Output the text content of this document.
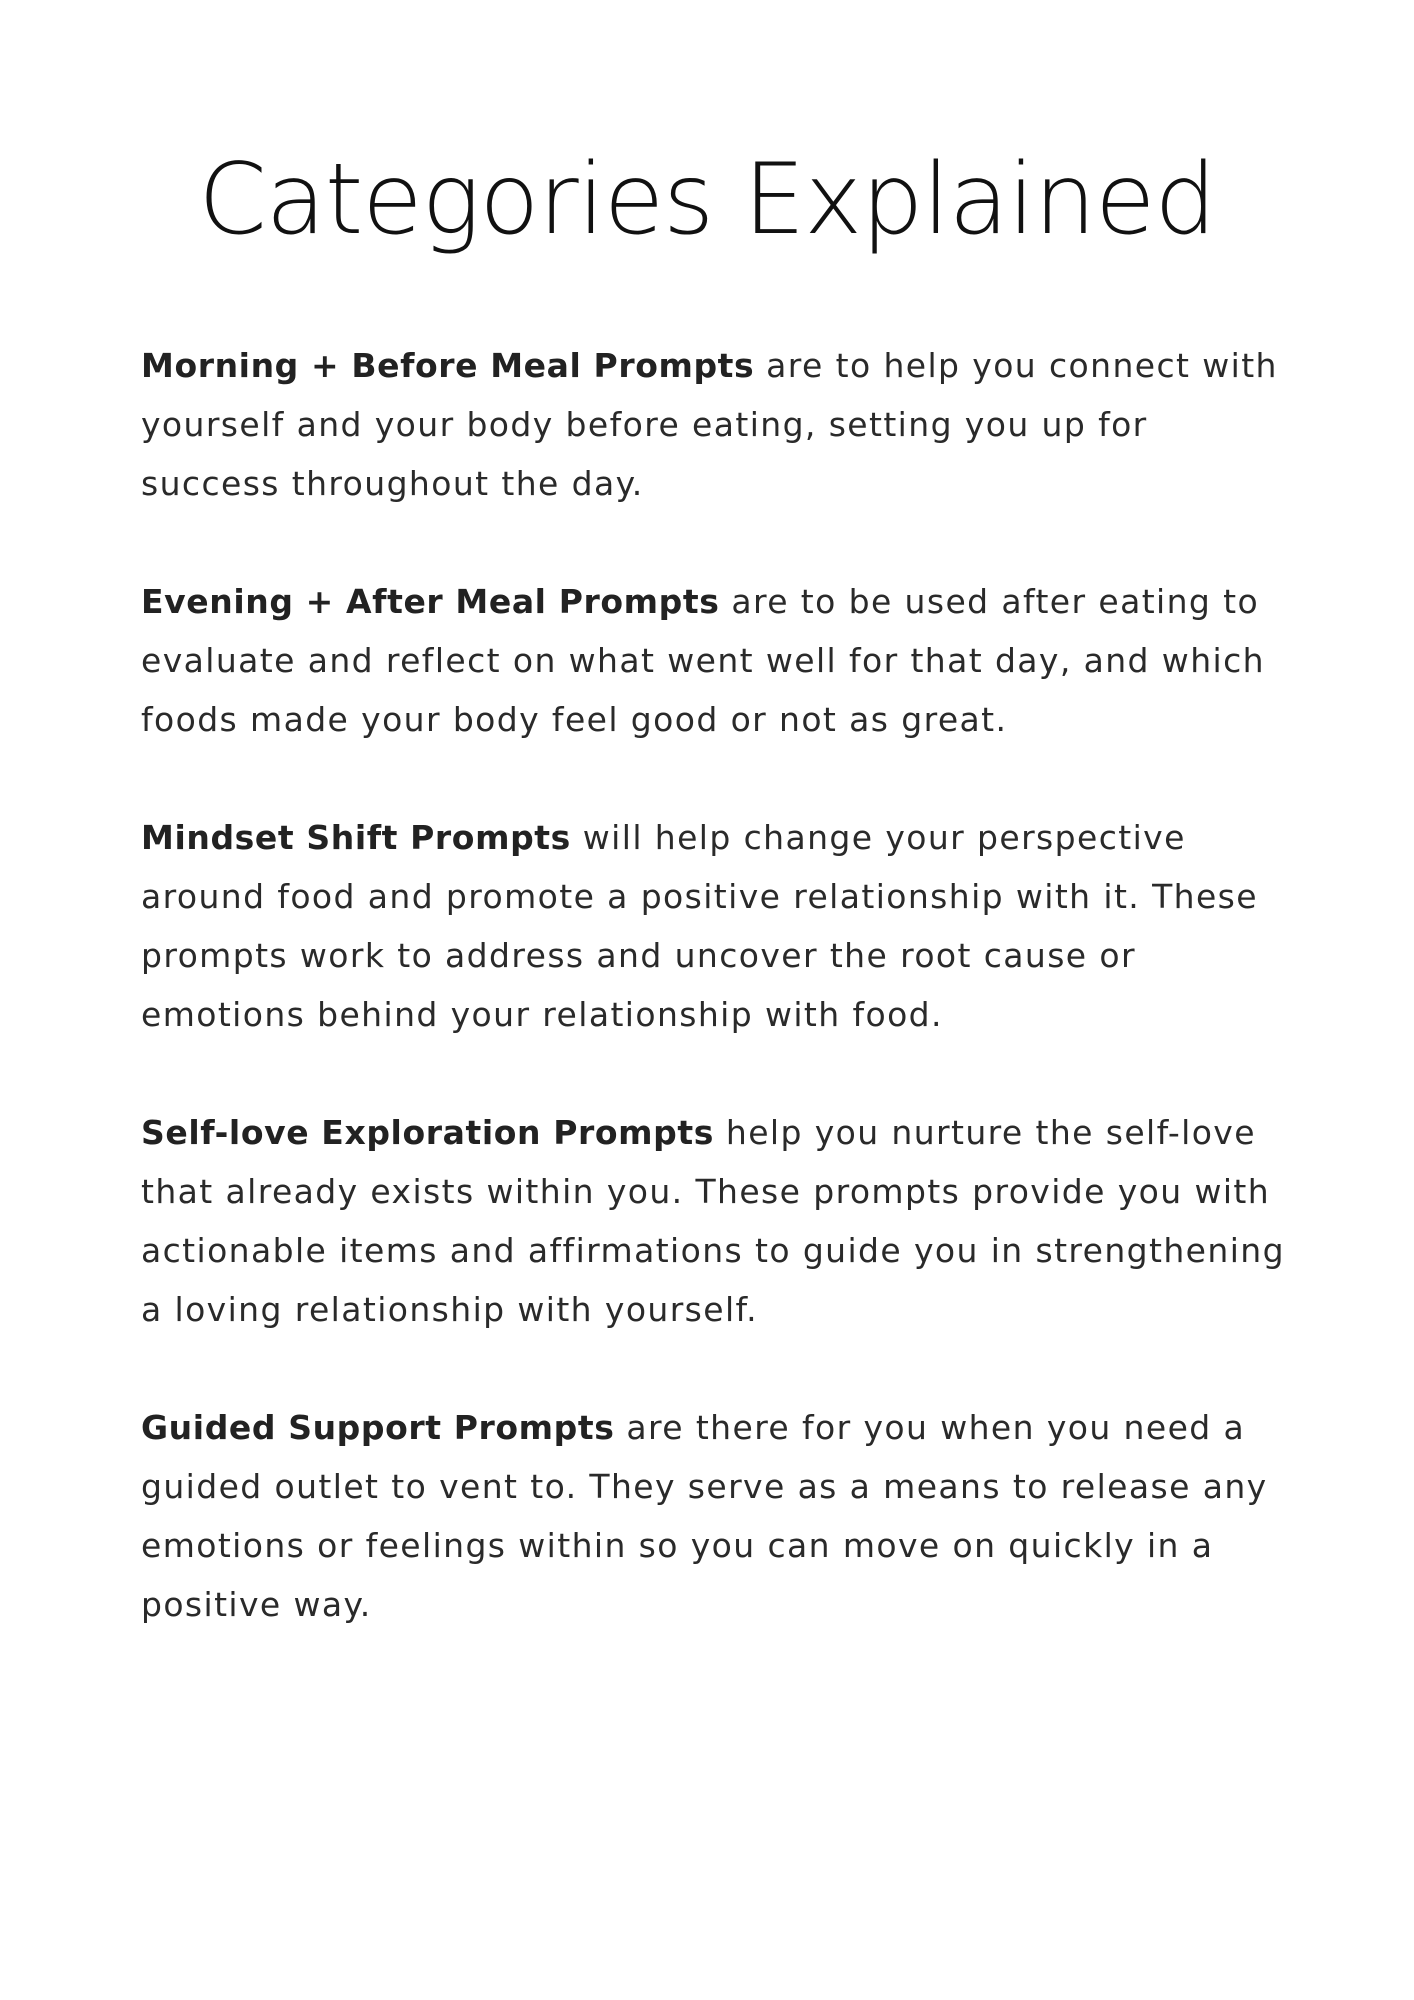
Categories Explained

Morning + Before Meal Prompts are to help you connect with yourself and your body before eating, setting you up for success throughout the day.

Evening + After Meal Prompts are to be used after eating to evaluate and reflect on what went well for that day, and which foods made your body feel good or not as great.

Mindset Shift Prompts will help change your perspective around food and promote a positive relationship with it. These prompts work to address and uncover the root cause or emotions behind your relationship with food.

Self-love Exploration Prompts help you nurture the self-love that already exists within you. These prompts provide you with actionable items and affirmations to guide you in strengthening a loving relationship with yourself.

Guided Support Prompts are there for you when you need a guided outlet to vent to. They serve as a means to release any emotions or feelings within so you can move on quickly in a positive way.
